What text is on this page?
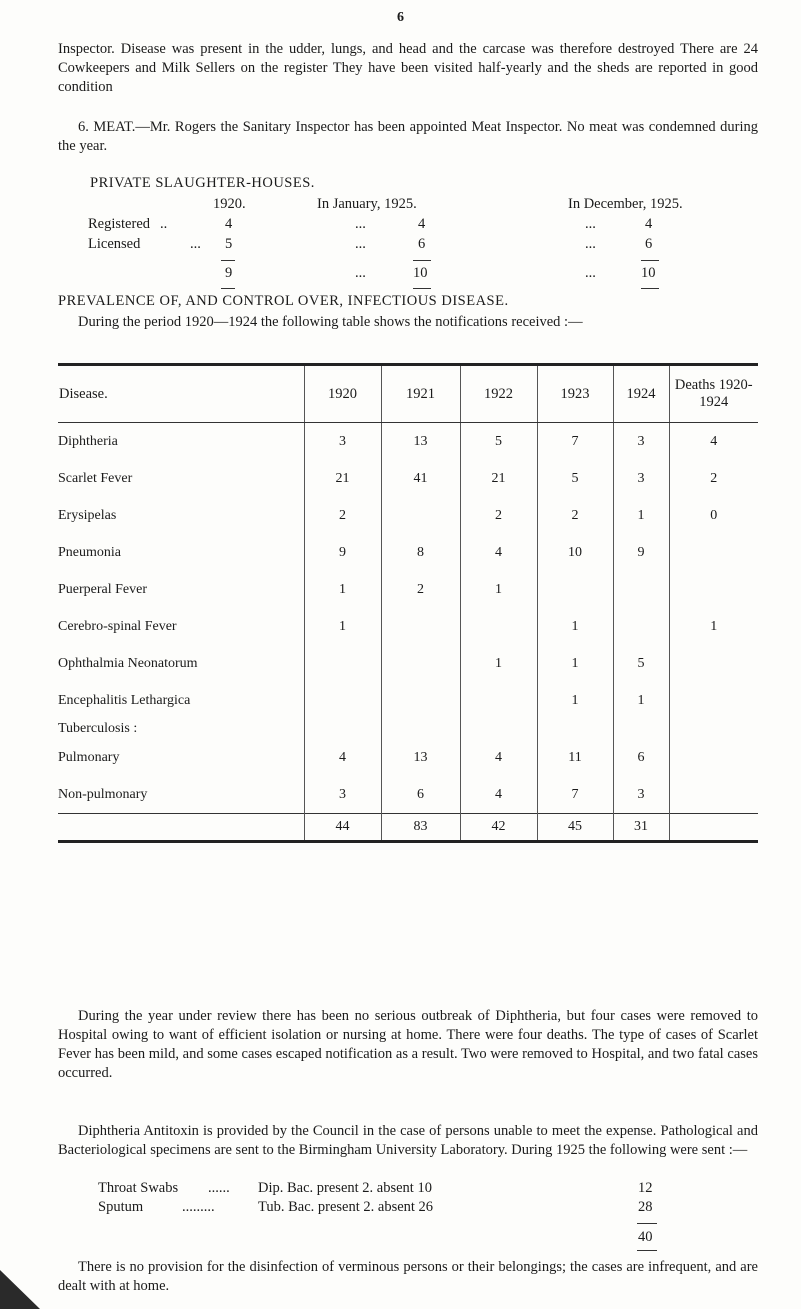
6

Inspector. Disease was present in the udder, lungs, and head and the carcase was therefore destroyed There are 24 Cowkeepers and Milk Sellers on the register They have been visited half-yearly and the sheds are reported in good condition

6. MEAT.—Mr. Rogers the Sanitary Inspector has been appointed Meat Inspector. No meat was condemned during the year.

PRIVATE SLAUGHTER-HOUSES.
1920.	In January, 1925.	In December, 1925.
Registered ..	4	...	4	...	4
Licensed	... 5	...	6	...	6
9	...	10	...	10
PREVALENCE OF, AND CONTROL OVER, INFECTIOUS DISEASE.

During the period 1920—1924 the following table shows the notifications received :—

Disease.	1920	1921	1922	1923	1924	Deaths 1920-1924
Diphtheria	3	13	5	7	3	4
Scarlet Fever	21	41	21	5	3	2
Erysipelas	2		2	2	1	0
Pneumonia	9	8	4	10	9	
Puerperal Fever	1	2	1			
Cerebro-spinal Fever	1			1		1
Ophthalmia Neonatorum			1	1	5	
Encephalitis Lethargica				1	1	
Tuberculosis :						
Pulmonary	4	13	4	11	6	
Non-pulmonary	3	6	4	7	3	
	44	83	42	45	31	

During the year under review there has been no serious outbreak of Diphtheria, but four cases were removed to Hospital owing to want of efficient isolation or nursing at home. There were four deaths. The type of cases of Scarlet Fever has been mild, and some cases escaped notification as a result. Two were removed to Hospital, and two fatal cases occurred.

Diphtheria Antitoxin is provided by the Council in the case of persons unable to meet the expense. Pathological and Bacteriological specimens are sent to the Birmingham University Laboratory. During 1925 the following were sent :—

Throat Swabs ...... Dip. Bac. present 2. absent 10	12
Sputum	.........	Tub. Bac. present 2. absent 26	28
40

There is no provision for the disinfection of verminous persons or their belongings; the cases are infrequent, and are dealt with at home.
